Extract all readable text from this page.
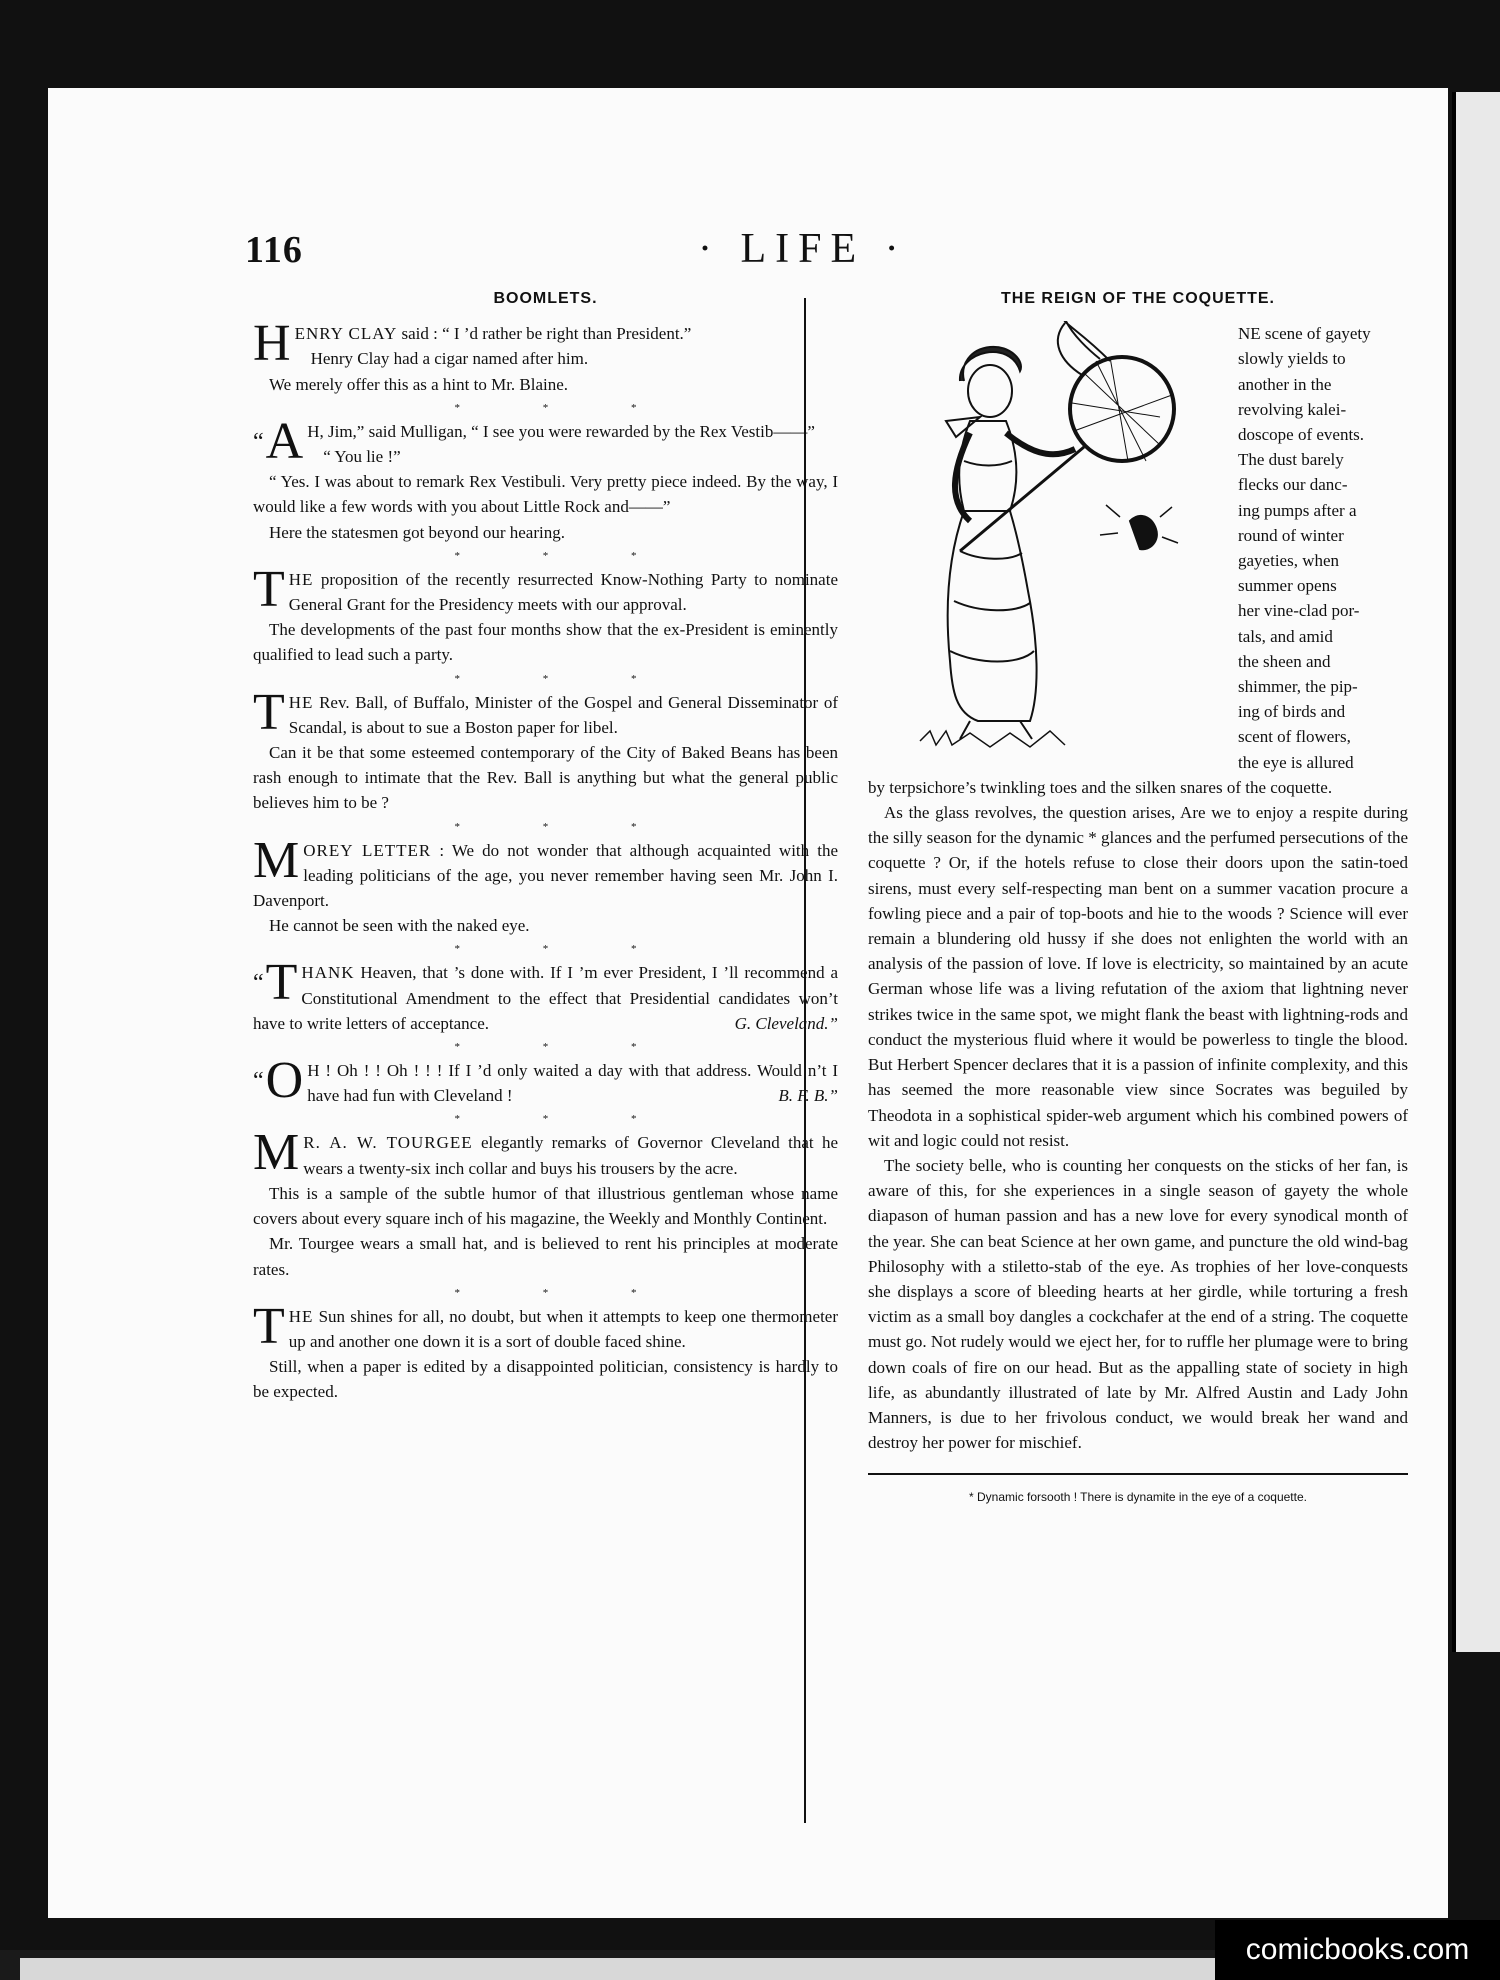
116	· LIFE ·
BOOMLETS.

HENRY CLAY said : “ I ’d rather be right than President.”

Henry Clay had a cigar named after him.

We merely offer this as a hint to Mr. Blaine.

* * *

“A H, Jim,” said Mulligan, “ I see you were rewarded by the Rex Vestib——”

“ You lie !”

“ Yes. I was about to remark Rex Vestibuli. Very pretty piece indeed. By the way, I would like a few words with you about Little Rock and——”

Here the statesmen got beyond our hearing.

* * *

THE proposition of the recently resurrected Know-Nothing Party to nominate General Grant for the Presidency meets with our approval.

The developments of the past four months show that the ex-President is eminently qualified to lead such a party.

* * *

THE Rev. Ball, of Buffalo, Minister of the Gospel and General Disseminator of Scandal, is about to sue a Boston paper for libel.

Can it be that some esteemed contemporary of the City of Baked Beans has been rash enough to intimate that the Rev. Ball is anything but what the general public believes him to be ?

* * *

MOREY LETTER : We do not wonder that although acquainted with the leading politicians of the age, you never remember having seen Mr. John I. Davenport.

He cannot be seen with the naked eye.

* * *

“T HANK Heaven, that ’s done with. If I ’m ever President, I ’ll recommend a Constitutional Amendment to the effect that Presidential candidates won’t have to write letters of acceptance.	G. Cleveland.”

* * *

“O H ! Oh ! ! Oh ! ! ! If I ’d only waited a day with that address. Would n’t I have had fun with Cleveland !	B. F. B.”

* * *

M R. A. W. TOURGEE elegantly remarks of Governor Cleveland that he wears a twenty-six inch collar and buys his trousers by the acre.

This is a sample of the subtle humor of that illustrious gentleman whose name covers about every square inch of his magazine, the Weekly and Monthly Continent.

Mr. Tourgee wears a small hat, and is believed to rent his principles at moderate rates.

* * *

THE Sun shines for all, no doubt, but when it attempts to keep one thermometer up and another one down it is a sort of double faced shine.

Still, when a paper is edited by a disappointed politician, consistency is hardly to be expected.

THE REIGN OF THE COQUETTE.
NE scene of gayety
slowly yields to
another in the
revolving kalei-
doscope of events.
The dust barely
flecks our danc-
ing pumps after a
round of winter
gayeties, when
summer opens
her vine-clad por-
tals, and amid
the sheen and
shimmer, the pip-
ing of birds and
scent of flowers,
the eye is allured

by terpsichore’s twinkling toes and the silken snares of the coquette.

As the glass revolves, the question arises, Are we to enjoy a respite during the silly season for the dynamic * glances and the perfumed persecutions of the coquette ? Or, if the hotels refuse to close their doors upon the satin-toed sirens, must every self-respecting man bent on a summer vacation procure a fowling piece and a pair of top-boots and hie to the woods ? Science will ever remain a blundering old hussy if she does not enlighten the world with an analysis of the passion of love. If love is electricity, so maintained by an acute German whose life was a living refutation of the axiom that lightning never strikes twice in the same spot, we might flank the beast with lightning-rods and conduct the mysterious fluid where it would be powerless to tingle the blood. But Herbert Spencer declares that it is a passion of infinite complexity, and this has seemed the more reasonable view since Socrates was beguiled by Theodota in a sophistical spider-web argument which his combined powers of wit and logic could not resist.

The society belle, who is counting her conquests on the sticks of her fan, is aware of this, for she experiences in a single season of gayety the whole diapason of human passion and has a new love for every synodical month of the year. She can beat Science at her own game, and puncture the old wind-bag Philosophy with a stiletto-stab of the eye. As trophies of her love-conquests she displays a score of bleeding hearts at her girdle, while torturing a fresh victim as a small boy dangles a cockchafer at the end of a string. The coquette must go. Not rudely would we eject her, for to ruffle her plumage were to bring down coals of fire on our head. But as the appalling state of society in high life, as abundantly illustrated of late by Mr. Alfred Austin and Lady John Manners, is due to her frivolous conduct, we would break her wand and destroy her power for mischief.

* Dynamic forsooth ! There is dynamite in the eye of a coquette.
comicbooks.com
